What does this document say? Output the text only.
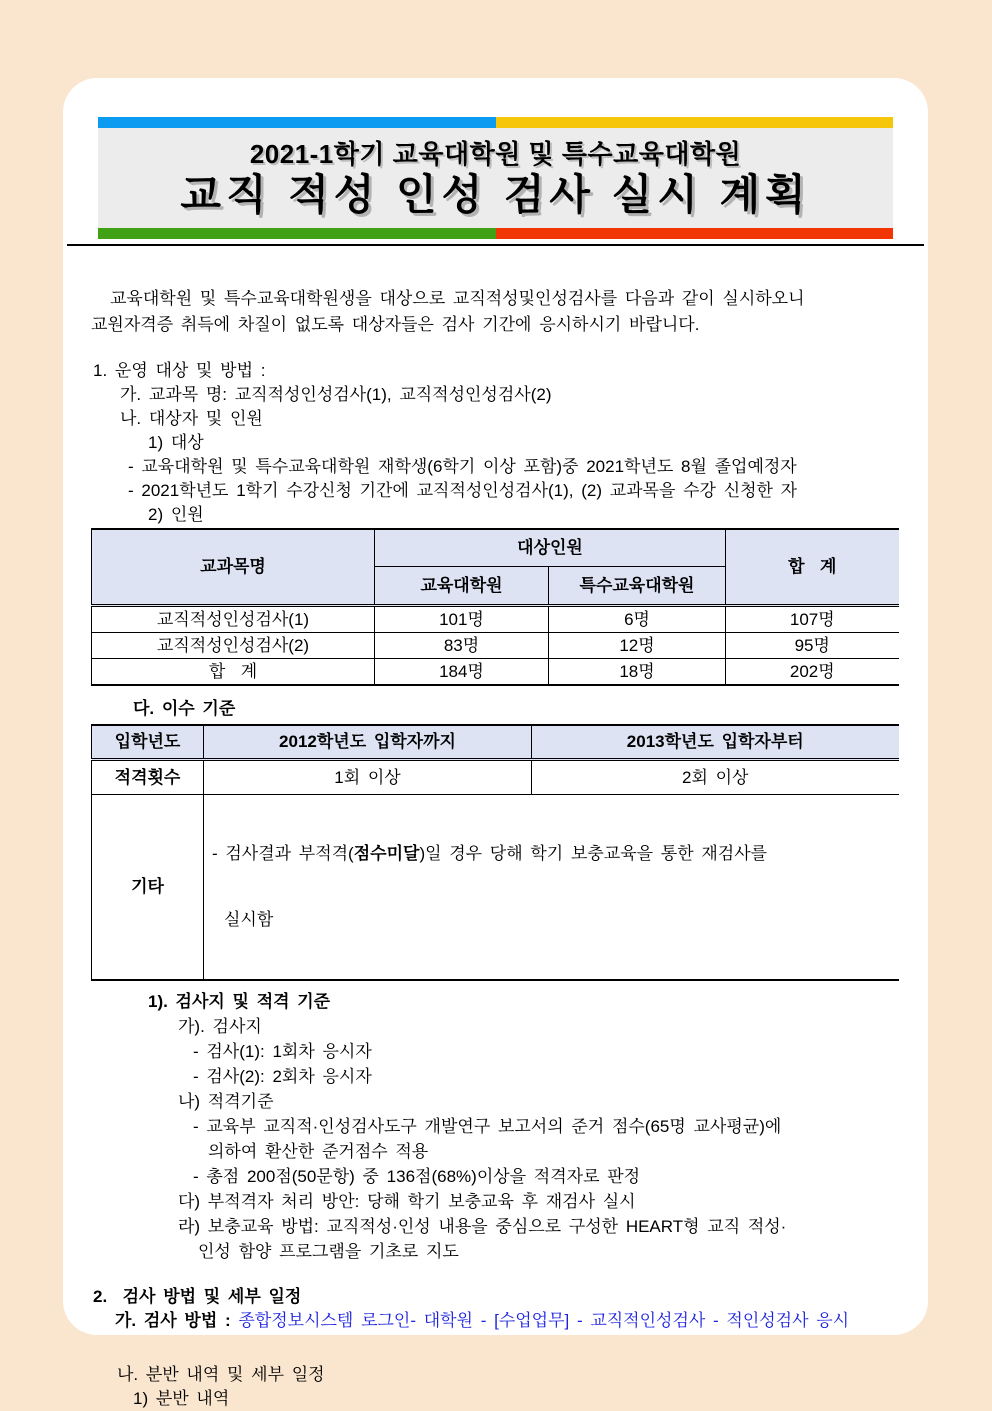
2021-1학기 교육대학원 및 특수교육대학원
교직 적성 인성 검사 실시 계획
교육대학원 및 특수교육대학원생을 대상으로 교직적성및인성검사를 다음과 같이 실시하오니
교원자격증 취득에 차질이 없도록 대상자들은 검사 기간에 응시하시기 바랍니다.
1. 운영 대상 및 방법 :
가. 교과목 명: 교직적성인성검사(1), 교직적성인성검사(2)
나. 대상자 및 인원
1) 대상
- 교육대학원 및 특수교육대학원 재학생(6학기 이상 포함)중 2021학년도 8월 졸업예정자
- 2021학년도 1학기 수강신청 기간에 교직적성인성검사(1), (2) 교과목을 수강 신청한 자
2) 인원
교과목명	대상인원		합  계
	교육대학원	특수교육대학원	
교직적성인성검사(1)	101명	6명	107명
교직적성인성검사(2)	83명	12명	95명
합  계	184명	18명	202명
다. 이수 기준
입학년도	2012학년도 입학자까지	2013학년도 입학자부터
적격횟수	1회 이상	2회 이상
기타	- 검사결과 부적격(점수미달)일 경우 당해 학기 보충교육을 통한 재검사를

실시함	

1). 검사지 및 적격 기준
가). 검사지
- 검사(1): 1회차 응시자
- 검사(2): 2회차 응시자
나) 적격기준
- 교육부 교직적·인성검사도구 개발연구 보고서의 준거 점수(65명 교사평균)에
의하여 환산한 준거점수 적용
- 총점 200점(50문항) 중 136점(68%)이상을 적격자로 판정
다) 부적격자 처리 방안: 당해 학기 보충교육 후 재검사 실시
라) 보충교육 방법: 교직적성·인성 내용을 중심으로 구성한 HEART형 교직 적성·
인성 함양 프로그램을 기초로 지도
2.  검사 방법 및 세부 일정
가. 검사 방법 : 종합정보시스템 로그인- 대학원 - [수업업무] - 교직적인성검사 - 적인성검사 응시
나. 분반 내역 및 세부 일정
1) 분반 내역
